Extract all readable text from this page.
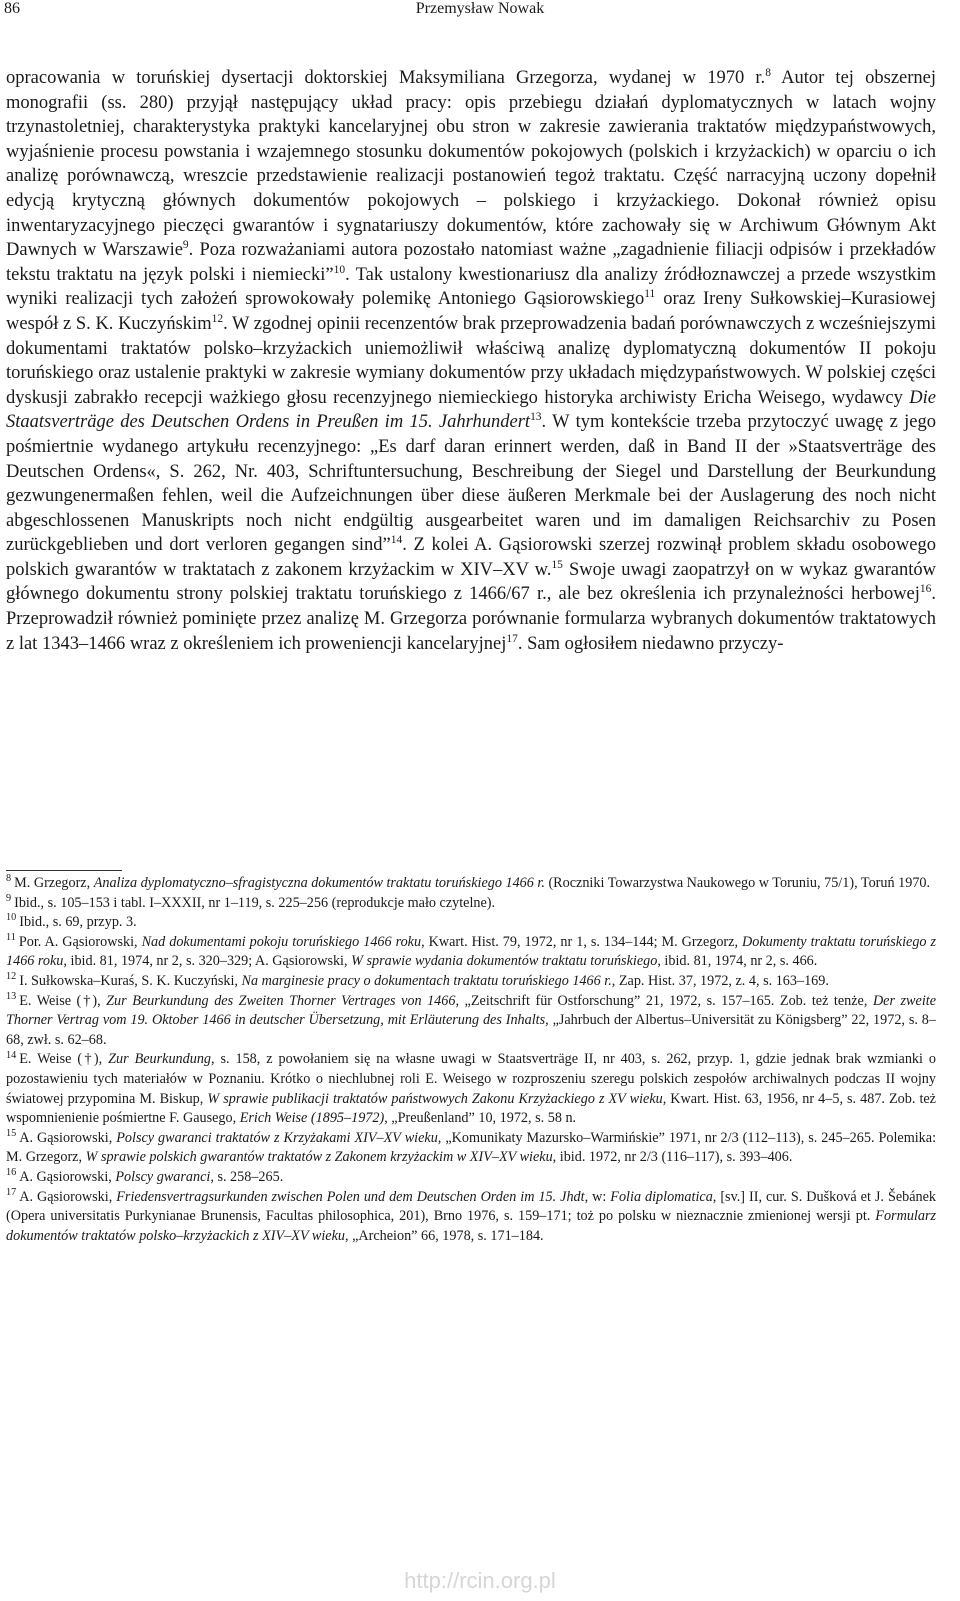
86	Przemysław Nowak

opracowania w toruńskiej dysertacji doktorskiej Maksymiliana Grzegorza, wydanej w 1970 r.$^8$ Autor tej obszernej monografii (ss. 280) przyjął następujący układ pracy: opis przebiegu działań dyplomatycznych w latach wojny trzynastoletniej, charakterystyka praktyki kancelaryjnej obu stron w zakresie zawierania traktatów międzypaństwowych, wyjaśnienie procesu powstania i wzajemnego stosunku dokumentów pokojowych (polskich i krzyżackich) w oparciu o ich analizę porównawczą, wreszcie przedstawienie realizacji postanowień tegoż traktatu. Część narracyjną uczony dopełnił edycją krytyczną głównych dokumentów pokojowych – polskiego i krzyżackiego. Dokonał również opisu inwentaryzacyjnego pieczęci gwarantów i sygnatariuszy dokumentów, które zachowały się w Archiwum Głównym Akt Dawnych w Warszawie$^9$. Poza rozważaniami autora pozostało natomiast ważne „zagadnienie filiacji odpisów i przekładów tekstu traktatu na język polski i niemiecki”$^{10}$. Tak ustalony kwestionariusz dla analizy źródłoznawczej a przede wszystkim wyniki realizacji tych założeń sprowokowały polemikę Antoniego Gąsiorowskiego$^{11}$ oraz Ireny Sułkowskiej–Kurasiowej wespół z S. K. Kuczyńskim$^{12}$. W zgodnej opinii recenzentów brak przeprowadzenia badań porównawczych z wcześniejszymi dokumentami traktatów polsko–krzyżackich uniemożliwił właściwą analizę dyplomatyczną dokumentów II pokoju toruńskiego oraz ustalenie praktyki w zakresie wymiany dokumentów przy układach międzypaństwowych. W polskiej części dyskusji zabrakło recepcji ważkiego głosu recenzyjnego niemieckiego historyka archiwisty Ericha Weisego, wydawcy Die Staatsverträge des Deutschen Ordens in Preußen im 15. Jahrhundert$^{13}$. W tym kontekście trzeba przytoczyć uwagę z jego pośmiertnie wydanego artykułu recenzyjnego: „Es darf daran erinnert werden, daß in Band II der »Staatsverträge des Deutschen Ordens«, S. 262, Nr. 403, Schriftuntersuchung, Beschreibung der Siegel und Darstellung der Beurkundung gezwungenermaßen fehlen, weil die Aufzeichnungen über diese äußeren Merkmale bei der Auslagerung des noch nicht abgeschlossenen Manuskripts noch nicht endgültig ausgearbeitet waren und im damaligen Reichsarchiv zu Posen zurückgeblieben und dort verloren gegangen sind”$^{14}$. Z kolei A. Gąsiorowski szerzej rozwinął problem składu osobowego polskich gwarantów w traktatach z zakonem krzyżackim w XIV–XV w.$^{15}$ Swoje uwagi zaopatrzył on w wykaz gwarantów głównego dokumentu strony polskiej traktatu toruńskiego z 1466/67 r., ale bez określenia ich przynależności herbowej$^{16}$. Przeprowadził również pominięte przez analizę M. Grzegorza porównanie formularza wybranych dokumentów traktatowych z lat 1343–1466 wraz z określeniem ich proweniencji kancelaryjnej$^{17}$. Sam ogłosiłem niedawno przyczy-

$^8$ M. Grzegorz, Analiza dyplomatyczno–sfragistyczna dokumentów traktatu toruńskiego 1466 r. (Roczniki Towarzystwa Naukowego w Toruniu, 75/1), Toruń 1970.
$^9$ Ibid., s. 105–153 i tabl. I–XXXII, nr 1–119, s. 225–256 (reprodukcje mało czytelne).
$^{10}$ Ibid., s. 69, przyp. 3.
$^{11}$ Por. A. Gąsiorowski, Nad dokumentami pokoju toruńskiego 1466 roku, Kwart. Hist. 79, 1972, nr 1, s. 134–144; M. Grzegorz, Dokumenty traktatu toruńskiego z 1466 roku, ibid. 81, 1974, nr 2, s. 320–329; A. Gąsiorowski, W sprawie wydania dokumentów traktatu toruńskiego, ibid. 81, 1974, nr 2, s. 466.
$^{12}$ I. Sułkowska–Kuraś, S. K. Kuczyński, Na marginesie pracy o dokumentach traktatu toruńskiego 1466 r., Zap. Hist. 37, 1972, z. 4, s. 163–169.
$^{13}$ E. Weise (†), Zur Beurkundung des Zweiten Thorner Vertrages von 1466, „Zeitschrift für Ostforschung” 21, 1972, s. 157–165. Zob. też tenże, Der zweite Thorner Vertrag vom 19. Oktober 1466 in deutscher Übersetzung, mit Erläuterung des Inhalts, „Jahrbuch der Albertus–Universität zu Königsberg” 22, 1972, s. 8–68, zwł. s. 62–68.
$^{14}$ E. Weise (†), Zur Beurkundung, s. 158, z powołaniem się na własne uwagi w Staatsverträge II, nr 403, s. 262, przyp. 1, gdzie jednak brak wzmianki o pozostawieniu tych materiałów w Poznaniu. Krótko o niechlubnej roli E. Weisego w rozproszeniu szeregu polskich zespołów archiwalnych podczas II wojny światowej przypomina M. Biskup, W sprawie publikacji traktatów państwowych Zakonu Krzyżackiego z XV wieku, Kwart. Hist. 63, 1956, nr 4–5, s. 487. Zob. też wspomnienienie pośmiertne F. Gausego, Erich Weise (1895–1972), „Preußenland” 10, 1972, s. 58 n.
$^{15}$ A. Gąsiorowski, Polscy gwaranci traktatów z Krzyżakami XIV–XV wieku, „Komunikaty Mazursko–Warmińskie” 1971, nr 2/3 (112–113), s. 245–265. Polemika: M. Grzegorz, W sprawie polskich gwarantów traktatów z Zakonem krzyżackim w XIV–XV wieku, ibid. 1972, nr 2/3 (116–117), s. 393–406.
$^{16}$ A. Gąsiorowski, Polscy gwaranci, s. 258–265.
$^{17}$ A. Gąsiorowski, Friedensvertragsurkunden zwischen Polen und dem Deutschen Orden im 15. Jhdt, w: Folia diplomatica, [sv.] II, cur. S. Dušková et J. Šebánek (Opera universitatis Purkynianae Brunensis, Facultas philosophica, 201), Brno 1976, s. 159–171; toż po polsku w nieznacznie zmienionej wersji pt. Formularz dokumentów traktatów polsko–krzyżackich z XIV–XV wieku, „Archeion” 66, 1978, s. 171–184.
http://rcin.org.pl
